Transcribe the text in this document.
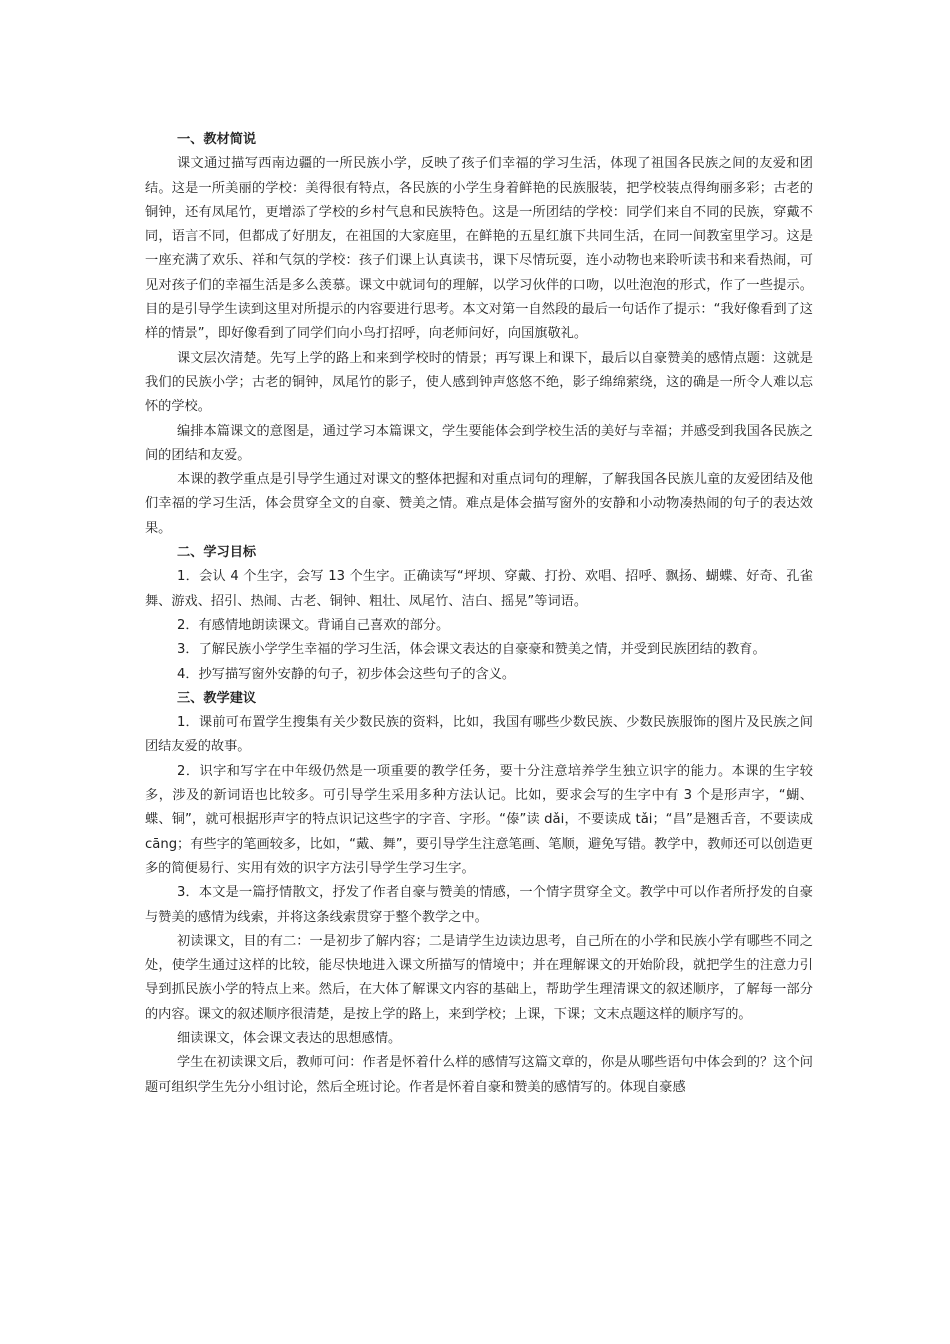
一、教材简说

课文通过描写西南边疆的一所民族小学，反映了孩子们幸福的学习生活，体现了祖国各民族之间的友爱和团结。这是一所美丽的学校：美得很有特点，各民族的小学生身着鲜艳的民族服装，把学校装点得绚丽多彩；古老的铜钟，还有凤尾竹，更增添了学校的乡村气息和民族特色。这是一所团结的学校：同学们来自不同的民族，穿戴不同，语言不同，但都成了好朋友，在祖国的大家庭里，在鲜艳的五星红旗下共同生活，在同一间教室里学习。这是一座充满了欢乐、祥和气氛的学校：孩子们课上认真读书，课下尽情玩耍，连小动物也来聆听读书和来看热闹，可见对孩子们的幸福生活是多么羡慕。课文中就词句的理解，以学习伙伴的口吻，以吐泡泡的形式，作了一些提示。目的是引导学生读到这里对所提示的内容要进行思考。本文对第一自然段的最后一句话作了提示：“我好像看到了这样的情景”，即好像看到了同学们向小鸟打招呼，向老师问好，向国旗敬礼。

课文层次清楚。先写上学的路上和来到学校时的情景；再写课上和课下，最后以自豪赞美的感情点题：这就是我们的民族小学；古老的铜钟，凤尾竹的影子，使人感到钟声悠悠不绝，影子绵绵萦绕，这的确是一所令人难以忘怀的学校。

编排本篇课文的意图是，通过学习本篇课文，学生要能体会到学校生活的美好与幸福；并感受到我国各民族之间的团结和友爱。

本课的教学重点是引导学生通过对课文的整体把握和对重点词句的理解，了解我国各民族儿童的友爱团结及他们幸福的学习生活，体会贯穿全文的自豪、赞美之情。难点是体会描写窗外的安静和小动物凑热闹的句子的表达效果。

二、学习目标

1．会认 4 个生字，会写 13 个生字。正确读写“坪坝、穿戴、打扮、欢唱、招呼、飘扬、蝴蝶、好奇、孔雀舞、游戏、招引、热闹、古老、铜钟、粗壮、凤尾竹、洁白、摇晃”等词语。

2．有感情地朗读课文。背诵自己喜欢的部分。

3．了解民族小学学生幸福的学习生活，体会课文表达的自豪豪和赞美之情，并受到民族团结的教育。

4．抄写描写窗外安静的句子，初步体会这些句子的含义。

三、教学建议

1．课前可布置学生搜集有关少数民族的资料，比如，我国有哪些少数民族、少数民族服饰的图片及民族之间团结友爱的故事。

2．识字和写字在中年级仍然是一项重要的教学任务，要十分注意培养学生独立识字的能力。本课的生字较多，涉及的新词语也比较多。可引导学生采用多种方法认记。比如，要求会写的生字中有 3 个是形声字，“蝴、蝶、铜”，就可根据形声字的特点识记这些字的字音、字形。“傣”读 dǎi，不要读成 tǎi；“昌”是翘舌音，不要读成 cāng；有些字的笔画较多，比如，“戴、舞”，要引导学生注意笔画、笔顺，避免写错。教学中，教师还可以创造更多的简便易行、实用有效的识字方法引导学生学习生字。

3．本文是一篇抒情散文，抒发了作者自豪与赞美的情感，一个情字贯穿全文。教学中可以作者所抒发的自豪与赞美的感情为线索，并将这条线索贯穿于整个教学之中。

初读课文，目的有二：一是初步了解内容；二是请学生边读边思考，自己所在的小学和民族小学有哪些不同之处，使学生通过这样的比较，能尽快地进入课文所描写的情境中；并在理解课文的开始阶段，就把学生的注意力引导到抓民族小学的特点上来。然后，在大体了解课文内容的基础上，帮助学生理清课文的叙述顺序，了解每一部分的内容。课文的叙述顺序很清楚，是按上学的路上，来到学校；上课，下课；文末点题这样的顺序写的。

细读课文，体会课文表达的思想感情。

学生在初读课文后，教师可问：作者是怀着什么样的感情写这篇文章的，你是从哪些语句中体会到的？这个问题可组织学生先分小组讨论，然后全班讨论。作者是怀着自豪和赞美的感情写的。体现自豪感
